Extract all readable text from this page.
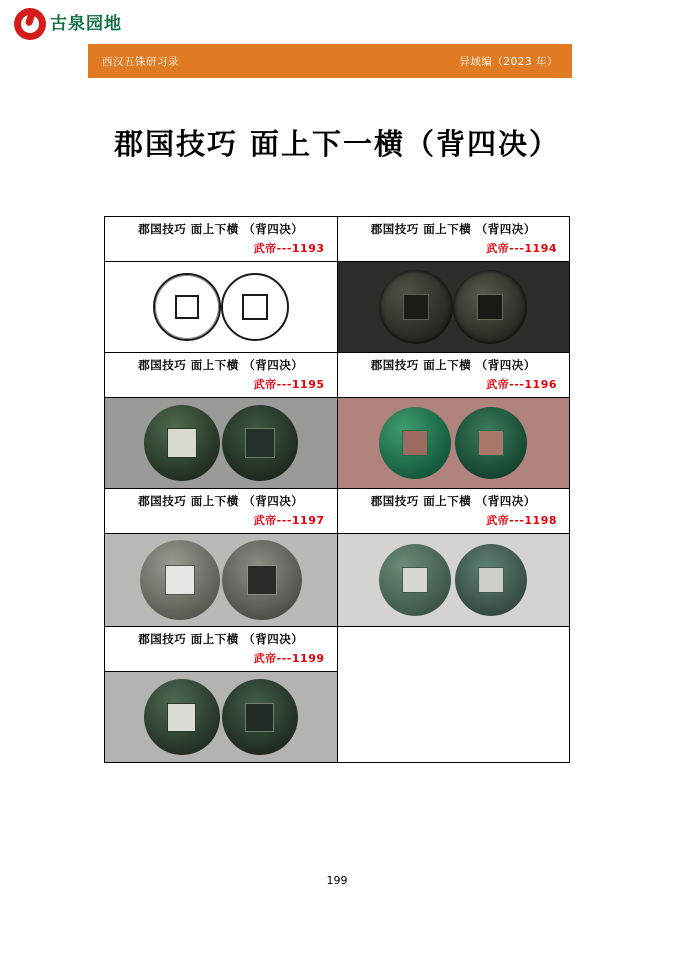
古泉园地
西汉五铢研习录	异域编（2023 年）
郡国技巧 面上下一横（背四决）
郡国技巧 面上下横 （背四决）
武帝---1193

郡国技巧 面上下横 （背四决）
武帝---1194

郡国技巧 面上下横 （背四决）
武帝---1195

郡国技巧 面上下横 （背四决）
武帝---1196

郡国技巧 面上下横 （背四决）
武帝---1197

郡国技巧 面上下横 （背四决）
武帝---1198

郡国技巧 面上下横 （背四决）
武帝---1199	

199
